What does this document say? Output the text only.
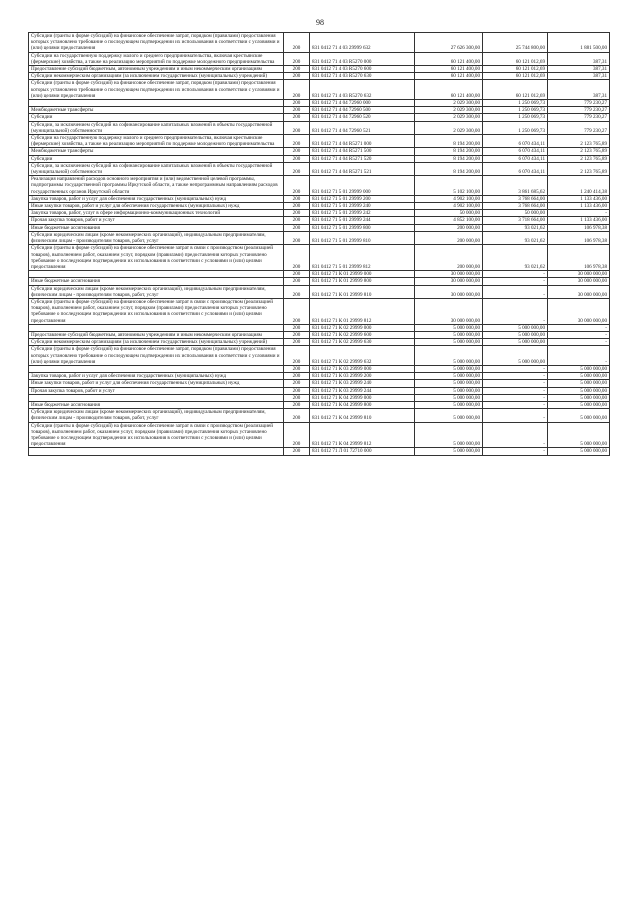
98
Субсидии (гранты в форме субсидий) на финансовое обеспечение затрат, порядком (правилами) предоставления которых установлено требование о последующем подтверждении их использования в соответствии с условиями и (или) целями предоставления	200	831 0412 71 4 03 29999 632	27 626 300,00	25 744 800,00	1 881 500,00
Субсидии на государственную поддержку малого и среднего предпринимательства, включая крестьянские (фермерские) хозяйства, а также на реализацию мероприятий по поддержке молодежного предпринимательства	200	831 0412 71 4 03 R5270 000	60 121 400,00	60 121 012,69	387,31
Предоставление субсидий бюджетным, автономным учреждениям и иным некоммерческим организациям	200	831 0412 71 4 03 R5270 600	60 121 400,00	60 121 012,69	387,31
Субсидии некоммерческим организациям (за исключением государственных (муниципальных) учреждений)	200	831 0412 71 4 03 R5270 630	60 121 400,00	60 121 012,69	387,31
Субсидии (гранты в форме субсидий) на финансовое обеспечение затрат, порядком (правилами) предоставления которых установлено требование о последующем подтверждении их использования в соответствии с условиями и (или) целями предоставления	200	831 0412 71 4 03 R5270 632	60 121 400,00	60 121 012,69	387,31
	200	831 0412 71 4 04 72960 000	2 029 300,00	1 250 069,73	779 230,27
Межбюджетные трансферты	200	831 0412 71 4 04 72960 500	2 029 300,00	1 250 069,73	779 230,27
Субсидии	200	831 0412 71 4 04 72960 520	2 029 300,00	1 250 069,73	779 230,27
Субсидии, за исключением субсидий на софинансирование капитальных вложений в объекты государственной (муниципальной) собственности	200	831 0412 71 4 04 72960 521	2 029 300,00	1 250 069,73	779 230,27
Субсидии на государственную поддержку малого и среднего предпринимательства, включая крестьянские (фермерские) хозяйства, а также на реализацию мероприятий по поддержке молодежного предпринимательства	200	831 0412 71 4 04 R5271 000	8 194 200,00	6 070 434,11	2 123 765,89
Межбюджетные трансферты	200	831 0412 71 4 04 R5271 500	8 194 200,00	6 070 434,11	2 123 765,89
Субсидии	200	831 0412 71 4 04 R5271 520	8 194 200,00	6 070 434,11	2 123 765,89
Субсидии, за исключением субсидий на софинансирование капитальных вложений в объекты государственной (муниципальной) собственности	200	831 0412 71 4 04 R5271 521	8 194 200,00	6 070 434,11	2 123 765,89
Реализация направлений расходов основного мероприятия и (или) ведомственной целевой программы, подпрограммы государственной программы Иркутской области, а также непрограммным направлениям расходов государственных органов Иркутской области	200	831 0412 71 5 01 29999 000	5 102 100,00	3 861 685,62	1 240 414,38
Закупка товаров, работ и услуг для обеспечения государственных (муниципальных) нужд	200	831 0412 71 5 01 29999 200	4 902 100,00	3 768 664,00	1 133 436,00
Иные закупки товаров, работ и услуг для обеспечения государственных (муниципальных) нужд	200	831 0412 71 5 01 29999 240	4 902 100,00	3 768 664,00	1 133 436,00
Закупка товаров, работ, услуг в сфере информационно-коммуникационных технологий	200	831 0412 71 5 01 29999 242	50 000,00	50 000,00	-
Прочая закупка товаров, работ и услуг	200	831 0412 71 5 01 29999 244	4 852 100,00	3 718 664,00	1 133 436,00
Иные бюджетные ассигнования	200	831 0412 71 5 01 29999 800	200 000,00	93 021,62	106 978,38
Субсидии юридическим лицам (кроме некоммерческих организаций), индивидуальным предпринимателям, физическим лицам - производителям товаров, работ, услуг	200	831 0412 71 5 01 29999 810	200 000,00	93 021,62	106 978,38
Субсидии (гранты в форме субсидий) на финансовое обеспечение затрат в связи с производством (реализацией товаров), выполнением работ, оказанием услуг, порядком (правилами) предоставления которых установлено требование о последующем подтверждении их использования в соответствии с условиями и (или) целями предоставления	200	831 0412 71 5 01 29999 812	200 000,00	93 021,62	106 978,38
	200	831 0412 71 К 01 29999 000	30 000 000,00	-	30 000 000,00
Иные бюджетные ассигнования	200	831 0412 71 К 01 29999 800	30 000 000,00	-	30 000 000,00
Субсидии юридическим лицам (кроме некоммерческих организаций), индивидуальным предпринимателям, физическим лицам - производителям товаров, работ, услуг	200	831 0412 71 К 01 29999 810	30 000 000,00	-	30 000 000,00
Субсидии (гранты в форме субсидий) на финансовое обеспечение затрат в связи с производством (реализацией товаров), выполнением работ, оказанием услуг, порядком (правилами) предоставления которых установлено требование о последующем подтверждении их использования в соответствии с условиями и (или) целями предоставления	200	831 0412 71 К 01 29999 812	30 000 000,00	-	30 000 000,00
	200	831 0412 71 К 02 29999 000	5 000 000,00	5 000 000,00	-
Предоставление субсидий бюджетным, автономным учреждениям и иным некоммерческим организациям	200	831 0412 71 К 02 29999 600	5 000 000,00	5 000 000,00	-
Субсидии некоммерческим организациям (за исключением государственных (муниципальных) учреждений)	200	831 0412 71 К 02 29999 630	5 000 000,00	5 000 000,00	-
Субсидии (гранты в форме субсидий) на финансовое обеспечение затрат, порядком (правилами) предоставления которых установлено требование о последующем подтверждении их использования в соответствии с условиями и (или) целями предоставления	200	831 0412 71 К 02 29999 632	5 000 000,00	5 000 000,00	-
	200	831 0412 71 К 03 29999 000	5 000 000,00	-	5 000 000,00
Закупка товаров, работ и услуг для обеспечения государственных (муниципальных) нужд	200	831 0412 71 К 03 29999 200	5 000 000,00	-	5 000 000,00
Иные закупки товаров, работ и услуг для обеспечения государственных (муниципальных) нужд	200	831 0412 71 К 03 29999 240	5 000 000,00	-	5 000 000,00
Прочая закупка товаров, работ и услуг	200	831 0412 71 К 03 29999 244	5 000 000,00	-	5 000 000,00
	200	831 0412 71 К 04 29999 000	5 000 000,00	-	5 000 000,00
Иные бюджетные ассигнования	200	831 0412 71 К 04 29999 800	5 000 000,00	-	5 000 000,00
Субсидии юридическим лицам (кроме некоммерческих организаций), индивидуальным предпринимателям, физическим лицам - производителям товаров, работ, услуг	200	831 0412 71 К 04 29999 810	5 000 000,00	-	5 000 000,00
Субсидии (гранты в форме субсидий) на финансовое обеспечение затрат в связи с производством (реализацией товаров), выполнением работ, оказанием услуг, порядком (правилами) предоставления которых установлено требование о последующем подтверждении их использования в соответствии с условиями и (или) целями предоставления	200	831 0412 71 К 04 29999 812	5 000 000,00	-	5 000 000,00
	200	831 0412 71 Л 01 72710 000	5 000 000,00	-	5 000 000,00
